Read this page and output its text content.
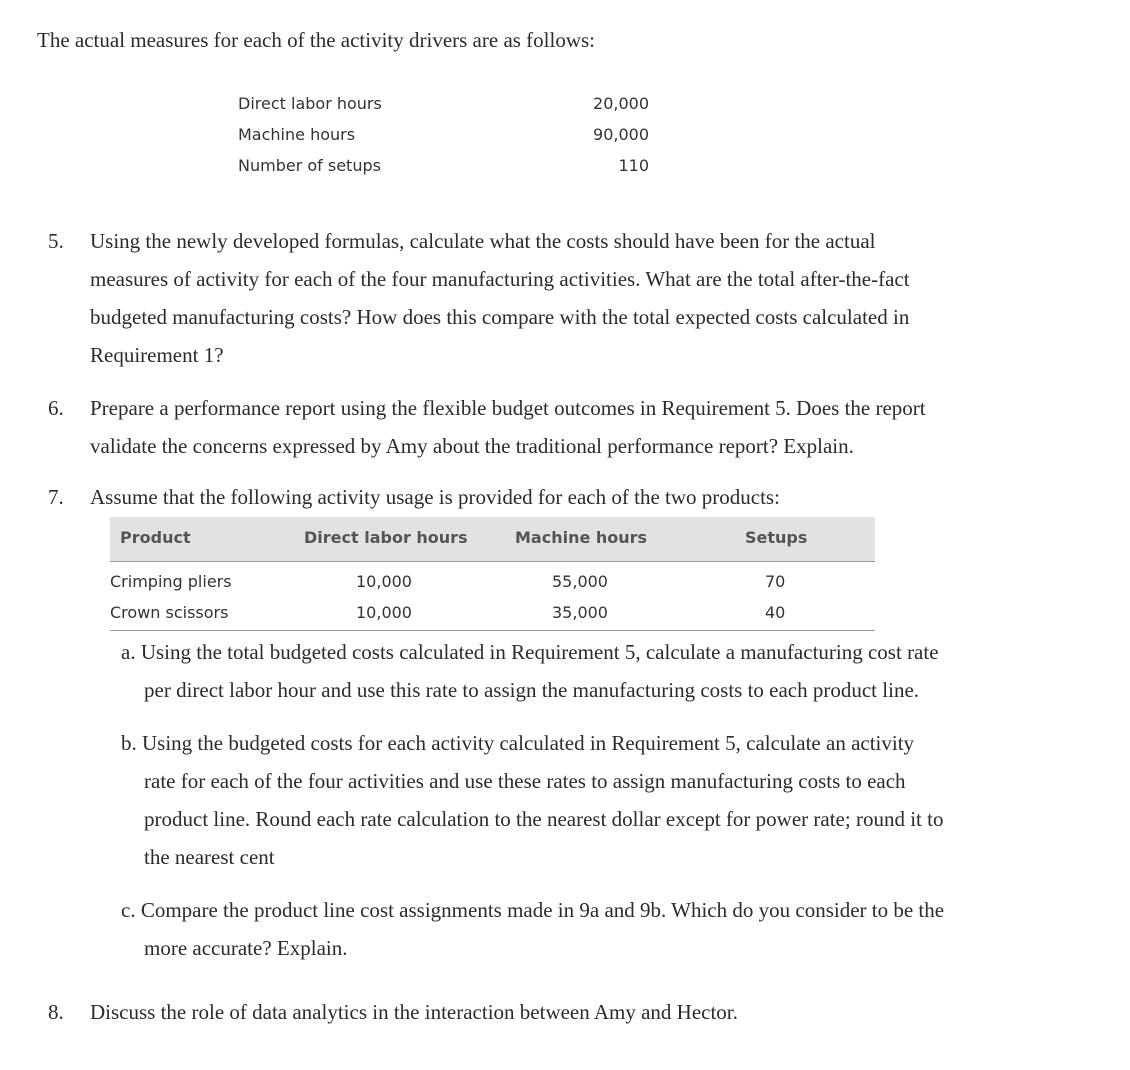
The actual measures for each of the activity drivers are as follows:
Direct labor hours	20,000
Machine hours	90,000
Number of setups	110
5. Using the newly developed formulas, calculate what the costs should have been for the actual
measures of activity for each of the four manufacturing activities. What are the total after-the-fact
budgeted manufacturing costs? How does this compare with the total expected costs calculated in
Requirement 1?
6. Prepare a performance report using the flexible budget outcomes in Requirement 5. Does the report
validate the concerns expressed by Amy about the traditional performance report? Explain.
7. Assume that the following activity usage is provided for each of the two products:
Product	Direct labor hours	Machine hours	Setups
Crimping pliers	10,000	55,000	70
Crown scissors	10,000	35,000	40
a. Using the total budgeted costs calculated in Requirement 5, calculate a manufacturing cost rate
per direct labor hour and use this rate to assign the manufacturing costs to each product line.
b. Using the budgeted costs for each activity calculated in Requirement 5, calculate an activity
rate for each of the four activities and use these rates to assign manufacturing costs to each
product line. Round each rate calculation to the nearest dollar except for power rate; round it to
the nearest cent
c. Compare the product line cost assignments made in 9a and 9b. Which do you consider to be the
more accurate? Explain.
8. Discuss the role of data analytics in the interaction between Amy and Hector.
